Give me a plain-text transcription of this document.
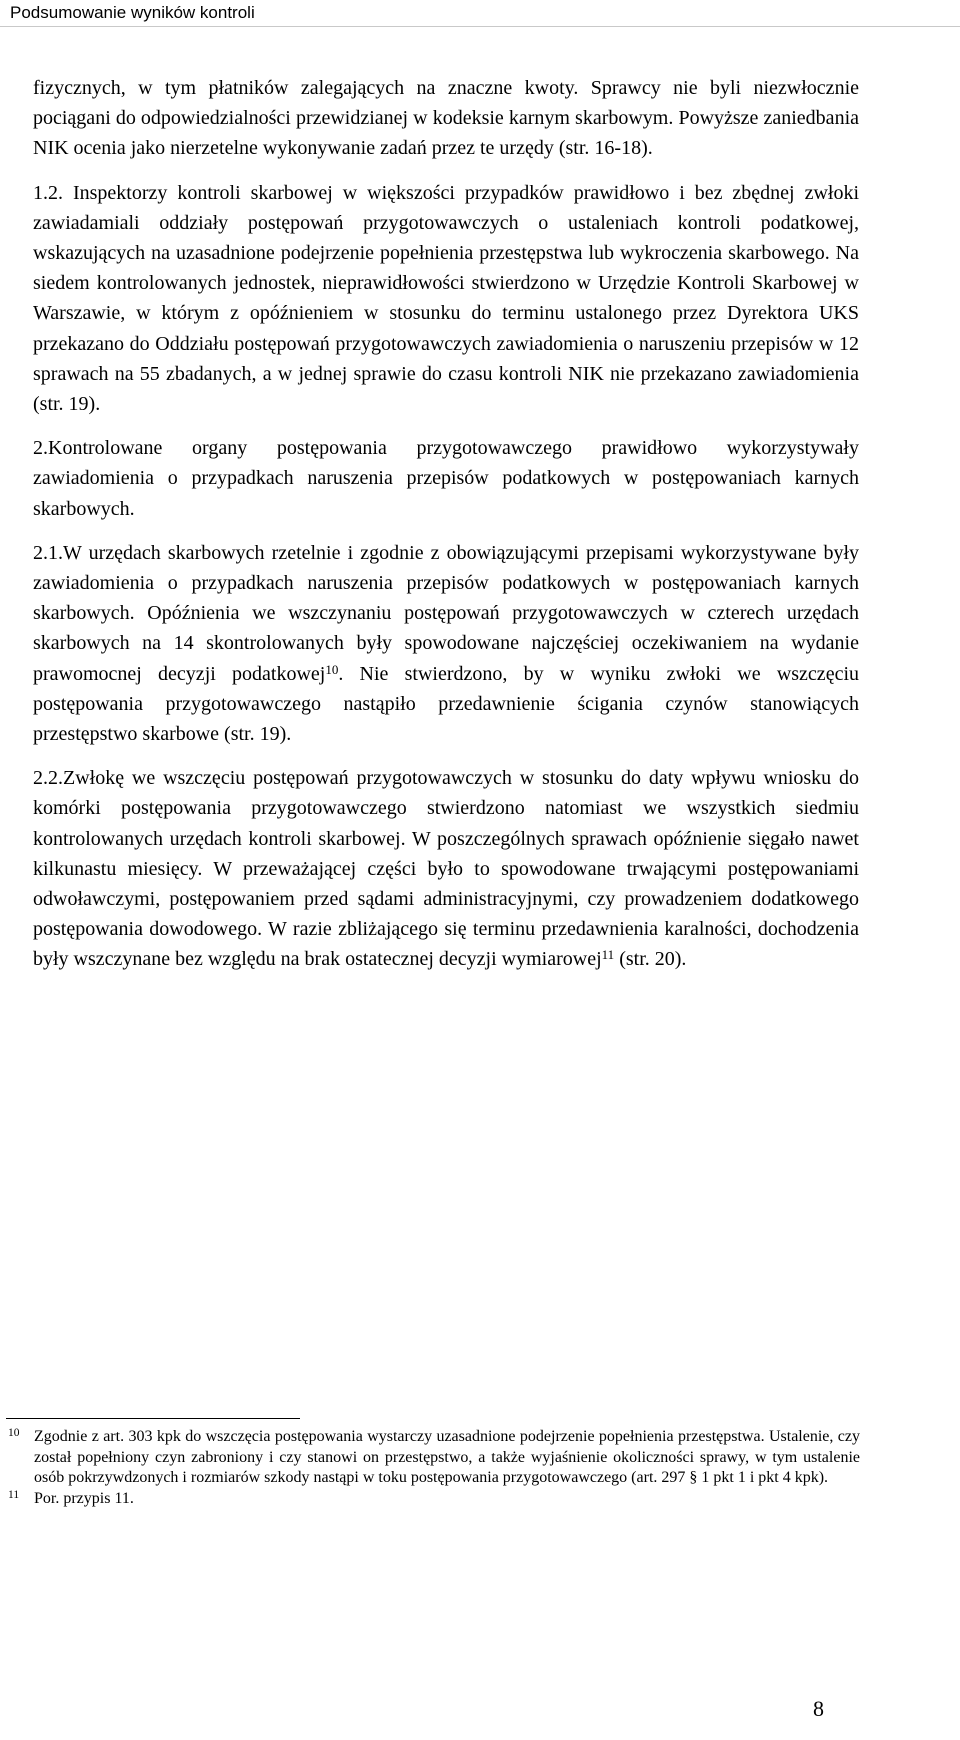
Podsumowanie wyników kontroli

fizycznych, w tym płatników zalegających na znaczne kwoty. Sprawcy nie byli niezwłocznie pociągani do odpowiedzialności przewidzianej w kodeksie karnym skarbowym. Powyższe zaniedbania NIK ocenia jako nierzetelne wykonywanie zadań przez te urzędy (str. 16-18).

1.2. Inspektorzy kontroli skarbowej w większości przypadków prawidłowo i bez zbędnej zwłoki zawiadamiali oddziały postępowań przygotowawczych o ustaleniach kontroli podatkowej, wskazujących na uzasadnione podejrzenie popełnienia przestępstwa lub wykroczenia skarbowego. Na siedem kontrolowanych jednostek, nieprawidłowości stwierdzono w Urzędzie Kontroli Skarbowej w Warszawie, w którym z opóźnieniem w stosunku do terminu ustalonego przez Dyrektora UKS przekazano do Oddziału postępowań przygotowawczych zawiadomienia o naruszeniu przepisów w 12 sprawach na 55 zbadanych, a w jednej sprawie do czasu kontroli NIK nie przekazano zawiadomienia (str. 19).

2.Kontrolowane organy postępowania przygotowawczego prawidłowo wykorzystywały zawiadomienia o przypadkach naruszenia przepisów podatkowych w postępowaniach karnych skarbowych.

2.1.W urzędach skarbowych rzetelnie i zgodnie z obowiązującymi przepisami wykorzystywane były zawiadomienia o przypadkach naruszenia przepisów podatkowych w postępowaniach karnych skarbowych. Opóźnienia we wszczynaniu postępowań przygotowawczych w czterech urzędach skarbowych na 14 skontrolowanych były spowodowane najczęściej oczekiwaniem na wydanie prawomocnej decyzji podatkowej$^{10}$. Nie stwierdzono, by w wyniku zwłoki we wszczęciu postępowania przygotowawczego nastąpiło przedawnienie ścigania czynów stanowiących przestępstwo skarbowe (str. 19).

2.2.Zwłokę we wszczęciu postępowań przygotowawczych w stosunku do daty wpływu wniosku do komórki postępowania przygotowawczego stwierdzono natomiast we wszystkich siedmiu kontrolowanych urzędach kontroli skarbowej. W poszczególnych sprawach opóźnienie sięgało nawet kilkunastu miesięcy. W przeważającej części było to spowodowane trwającymi postępowaniami odwoławczymi, postępowaniem przed sądami administracyjnymi, czy prowadzeniem dodatkowego postępowania dowodowego. W razie zbliżającego się terminu przedawnienia karalności, dochodzenia były wszczynane bez względu na brak ostatecznej decyzji wymiarowej$^{11}$ (str. 20).

10 Zgodnie z art. 303 kpk do wszczęcia postępowania wystarczy uzasadnione podejrzenie popełnienia przestępstwa. Ustalenie, czy został popełniony czyn zabroniony i czy stanowi on przestępstwo, a także wyjaśnienie okoliczności sprawy, w tym ustalenie osób pokrzywdzonych i rozmiarów szkody nastąpi w toku postępowania przygotowawczego (art. 297 § 1 pkt 1 i pkt 4 kpk).

11 Por. przypis 11.

8
